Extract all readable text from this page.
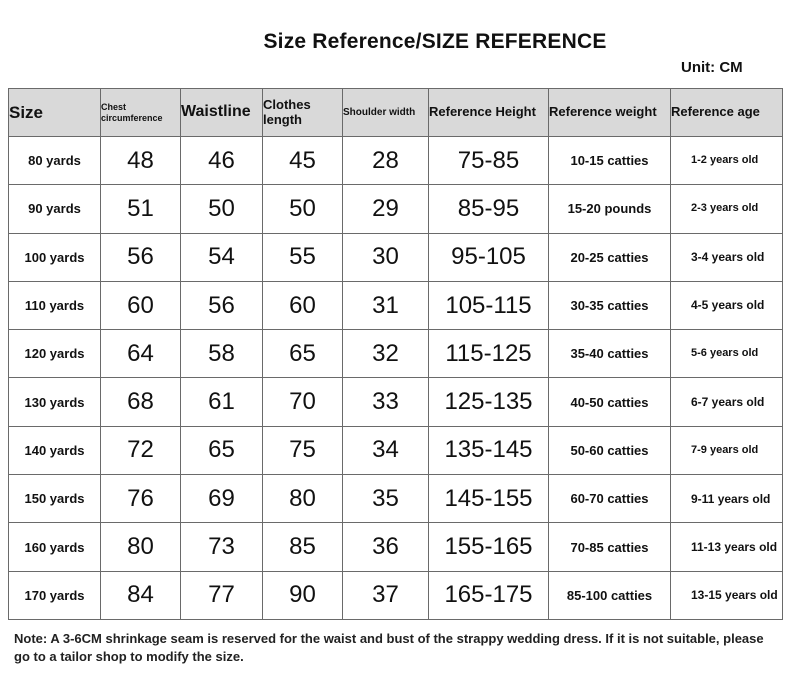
Size Reference/SIZE REFERENCE
Unit: CM
Size	Chest circumference	Waistline	Clothes length	Shoulder width	Reference Height	Reference weight	Reference age
80 yards	48	46	45	28	75-85	10-15 catties	1-2 years old
90 yards	51	50	50	29	85-95	15-20 pounds	2-3 years old
100 yards	56	54	55	30	95-105	20-25 catties	3-4 years old
110 yards	60	56	60	31	105-115	30-35 catties	4-5 years old
120 yards	64	58	65	32	115-125	35-40 catties	5-6 years old
130 yards	68	61	70	33	125-135	40-50 catties	6-7 years old
140 yards	72	65	75	34	135-145	50-60 catties	7-9 years old
150 yards	76	69	80	35	145-155	60-70 catties	9-11 years old
160 yards	80	73	85	36	155-165	70-85 catties	11-13 years old
170 yards	84	77	90	37	165-175	85-100 catties	13-15 years old
Note: A 3-6CM shrinkage seam is reserved for the waist and bust of the strappy wedding dress. If it is not suitable, please go to a tailor shop to modify the size.
